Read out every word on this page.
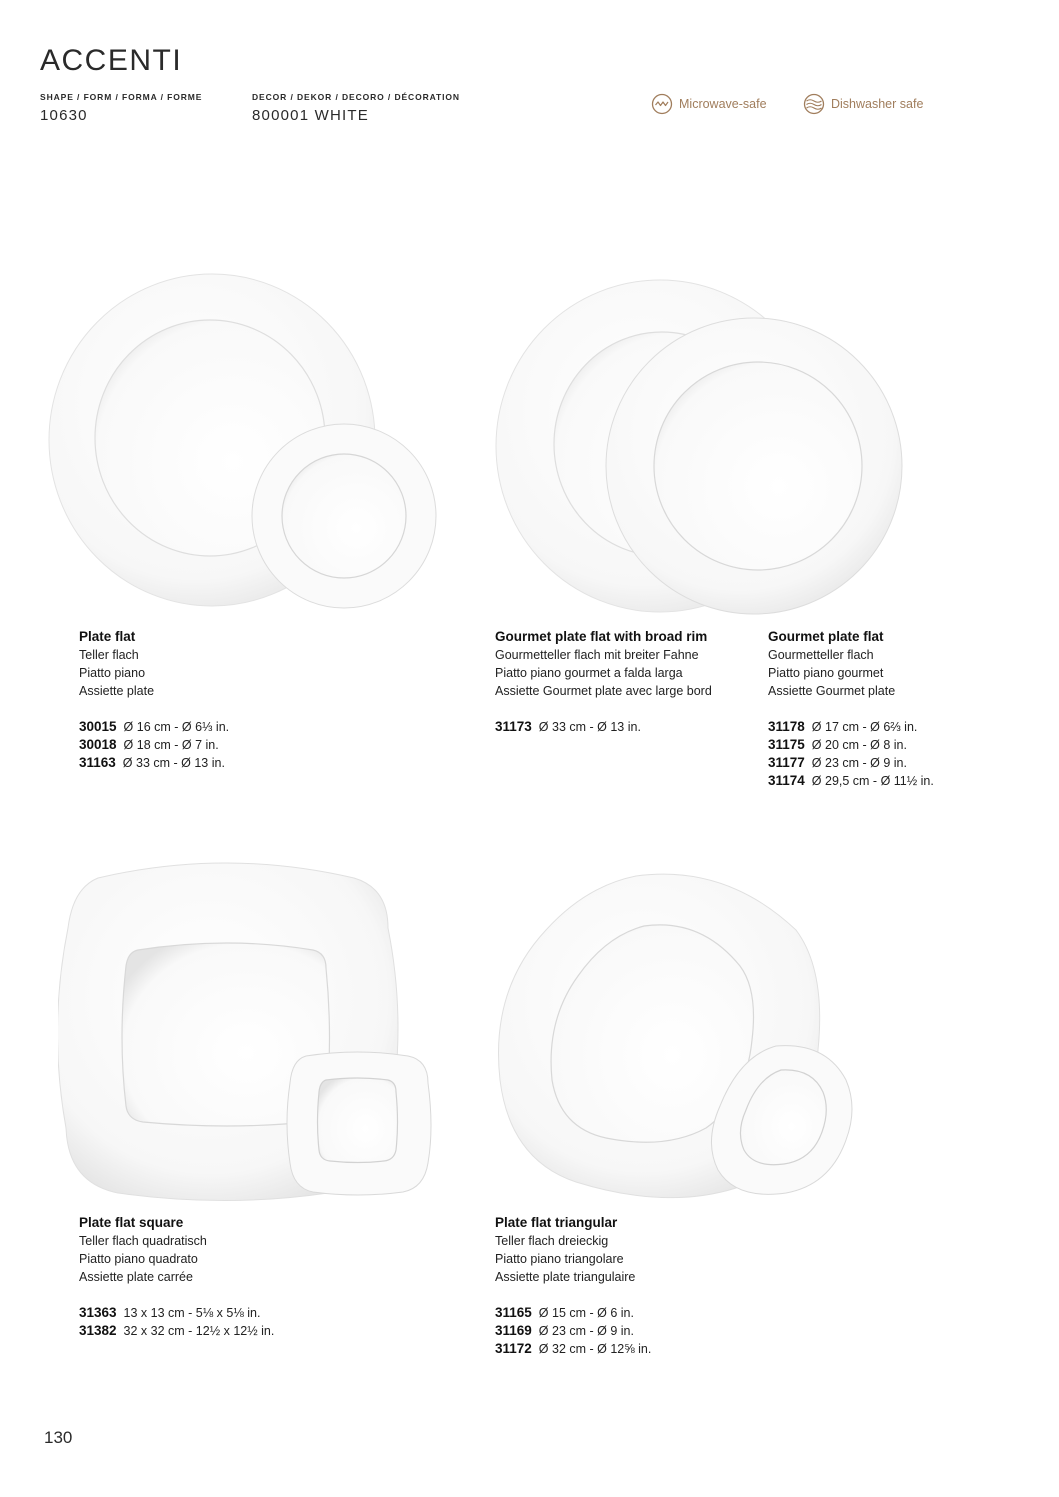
ACCENTI
SHAPE / FORM / FORMA / FORME
10630
DECOR / DEKOR / DECORO / DÉCORATION
800001 WHITE
Microwave-safe	Dishwasher safe
Plate flat
Teller flach
Piatto piano
Assiette plate
30015 Ø 16 cm - Ø 6⅓ in.
30018 Ø 18 cm - Ø 7 in.
31163 Ø 33 cm - Ø 13 in.
Gourmet plate flat with broad rim
Gourmetteller flach mit breiter Fahne
Piatto piano gourmet a falda larga
Assiette Gourmet plate avec large bord
31173 Ø 33 cm - Ø 13 in.
Gourmet plate flat
Gourmetteller flach
Piatto piano gourmet
Assiette Gourmet plate
31178 Ø 17 cm - Ø 6⅔ in.
31175 Ø 20 cm - Ø 8 in.
31177 Ø 23 cm - Ø 9 in.
31174 Ø 29,5 cm - Ø 11½ in.
Plate flat square
Teller flach quadratisch
Piatto piano quadrato
Assiette plate carrée
31363 13 x 13 cm - 5⅛ x 5⅛ in.
31382 32 x 32 cm - 12½ x 12½ in.
Plate flat triangular
Teller flach dreieckig
Piatto piano triangolare
Assiette plate triangulaire
31165 Ø 15 cm - Ø 6 in.
31169 Ø 23 cm - Ø 9 in.
31172 Ø 32 cm - Ø 12⅝ in.
130
